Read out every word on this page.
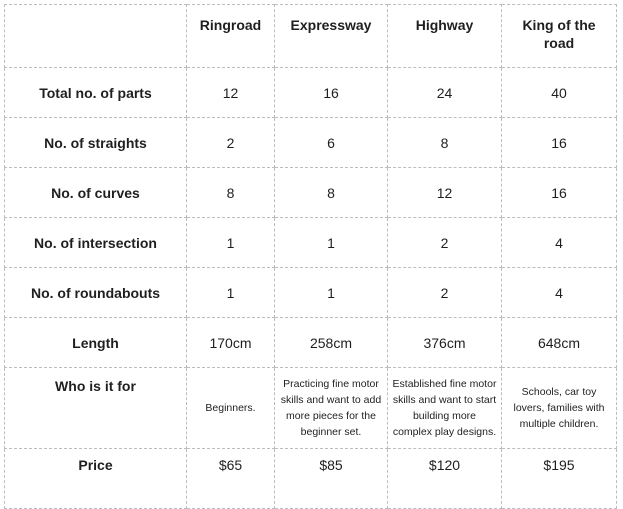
	Ringroad	Expressway	Highway	King of the road
Total no. of parts	12	16	24	40
No. of straights	2	6	8	16
No. of curves	8	8	12	16
No. of intersection	1	1	2	4
No. of roundabouts	1	1	2	4
Length	170cm	258cm	376cm	648cm
Who is it for	Beginners.	Practicing fine motor skills and want to add more pieces for the beginner set.	Established fine motor skills and want to start building more complex play designs.	Schools, car toy lovers, families with multiple children.
Price	$65	$85	$120	$195
